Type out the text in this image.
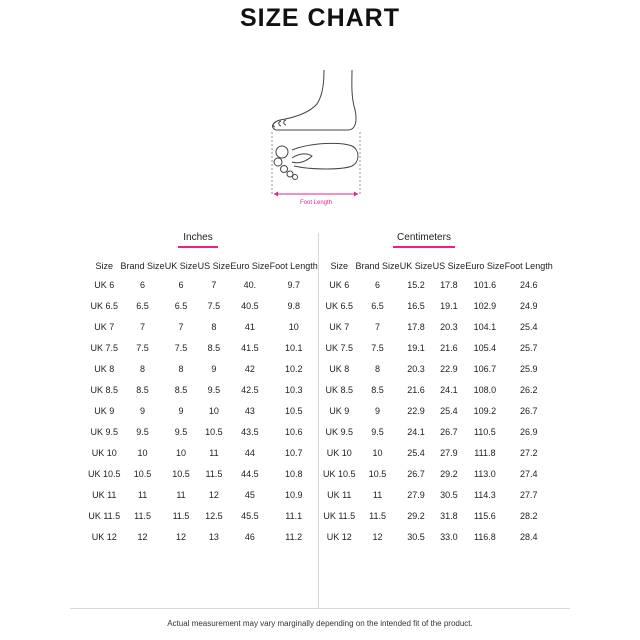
SIZE CHART
Foot Length
Inches
Size	Brand Size	UK Size	US Size	Euro Size	Foot Length
UK 6	6	6	7	40.	9.7
UK 6.5	6.5	6.5	7.5	40.5	9.8
UK 7	7	7	8	41	10
UK 7.5	7.5	7.5	8.5	41.5	10.1
UK 8	8	8	9	42	10.2
UK 8.5	8.5	8.5	9.5	42.5	10.3
UK 9	9	9	10	43	10.5
UK 9.5	9.5	9.5	10.5	43.5	10.6
UK 10	10	10	11	44	10.7
UK 10.5	10.5	10.5	11.5	44.5	10.8
UK 11	11	11	12	45	10.9
UK 11.5	11.5	11.5	12.5	45.5	11.1
UK 12	12	12	13	46	11.2
Centimeters
Size	Brand Size	UK Size	US Size	Euro Size	Foot Length
UK 6	6	15.2	17.8	101.6	24.6
UK 6.5	6.5	16.5	19.1	102.9	24.9
UK 7	7	17.8	20.3	104.1	25.4
UK 7.5	7.5	19.1	21.6	105.4	25.7
UK 8	8	20.3	22.9	106.7	25.9
UK 8.5	8.5	21.6	24.1	108.0	26.2
UK 9	9	22.9	25.4	109.2	26.7
UK 9.5	9.5	24.1	26.7	110.5	26.9
UK 10	10	25.4	27.9	111.8	27.2
UK 10.5	10.5	26.7	29.2	113.0	27.4
UK 11	11	27.9	30.5	114.3	27.7
UK 11.5	11.5	29.2	31.8	115.6	28.2
UK 12	12	30.5	33.0	116.8	28.4
Actual measurement may vary marginally depending on the intended fit of the product.
